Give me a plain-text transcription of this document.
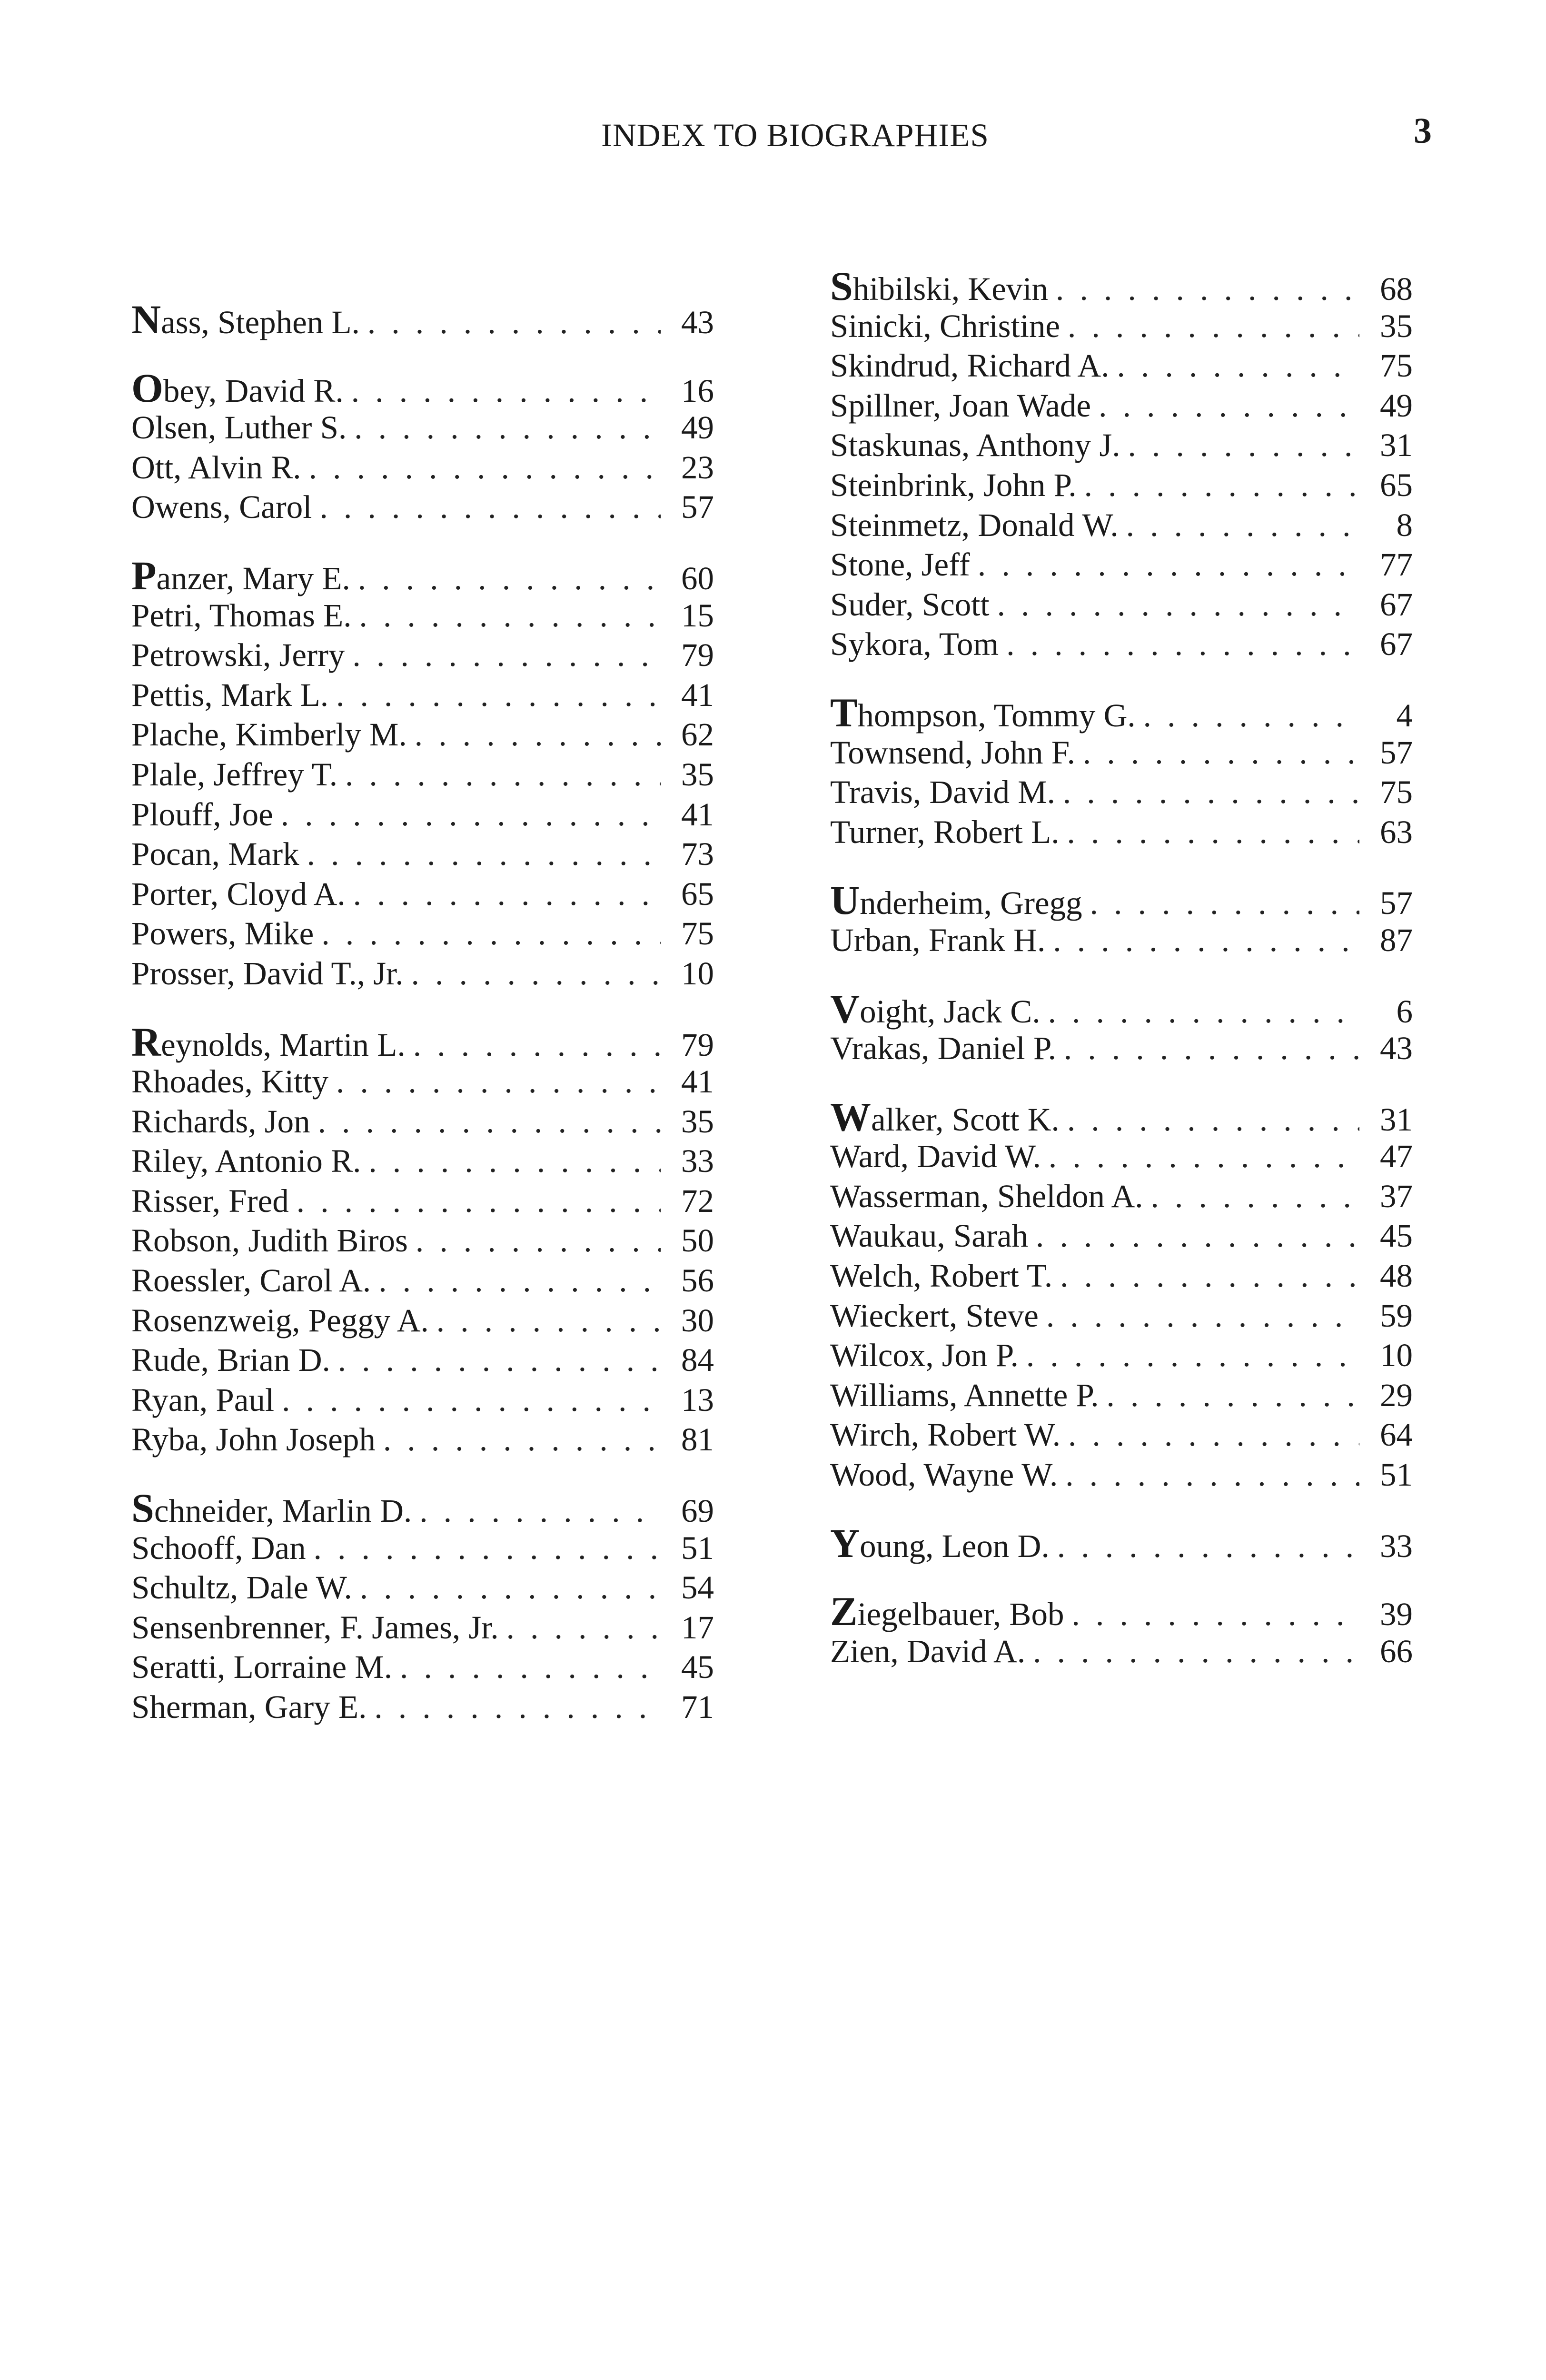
INDEX TO BIOGRAPHIES	3
Nass, Stephen L. . . .	43
Obey, David R. . . .	16
Olsen, Luther S. . . .	49
Ott, Alvin R. . . .	23
Owens, Carol . . .	57
Panzer, Mary E. . . .	60
Petri, Thomas E. . . .	15
Petrowski, Jerry . . .	79
Pettis, Mark L. . . .	41
Plache, Kimberly M. . . .	62
Plale, Jeffrey T. . . .	35
Plouff, Joe . . .	41
Pocan, Mark . . .	73
Porter, Cloyd A. . . .	65
Powers, Mike . . .	75
Prosser, David T., Jr. . . .	10
Reynolds, Martin L. . . .	79
Rhoades, Kitty . . .	41
Richards, Jon . . .	35
Riley, Antonio R. . . .	33
Risser, Fred . . .	72
Robson, Judith Biros . . .	50
Roessler, Carol A. . . .	56
Rosenzweig, Peggy A. . . .	30
Rude, Brian D. . . .	84
Ryan, Paul . . .	13
Ryba, John Joseph . . .	81
Schneider, Marlin D. . . .	69
Schooff, Dan . . .	51
Schultz, Dale W. . . .	54
Sensenbrenner, F. James, Jr. . . .	17
Seratti, Lorraine M. . . .	45
Sherman, Gary E. . . .	71
Shibilski, Kevin . . .	68
Sinicki, Christine . . .	35
Skindrud, Richard A. . . .	75
Spillner, Joan Wade . . .	49
Staskunas, Anthony J. . . .	31
Steinbrink, John P. . . .	65
Steinmetz, Donald W. . . .	8
Stone, Jeff . . .	77
Suder, Scott . . .	67
Sykora, Tom . . .	67
Thompson, Tommy G. . . .	4
Townsend, John F. . . .	57
Travis, David M. . . .	75
Turner, Robert L. . . .	63
Underheim, Gregg . . .	57
Urban, Frank H. . . .	87
Voight, Jack C. . . .	6
Vrakas, Daniel P. . . .	43
Walker, Scott K. . . .	31
Ward, David W. . . .	47
Wasserman, Sheldon A. . . .	37
Waukau, Sarah . . .	45
Welch, Robert T. . . .	48
Wieckert, Steve . . .	59
Wilcox, Jon P. . . .	10
Williams, Annette P. . . .	29
Wirch, Robert W. . . .	64
Wood, Wayne W. . . .	51
Young, Leon D. . . .	33
Ziegelbauer, Bob . . .	39
Zien, David A. . . .	66
